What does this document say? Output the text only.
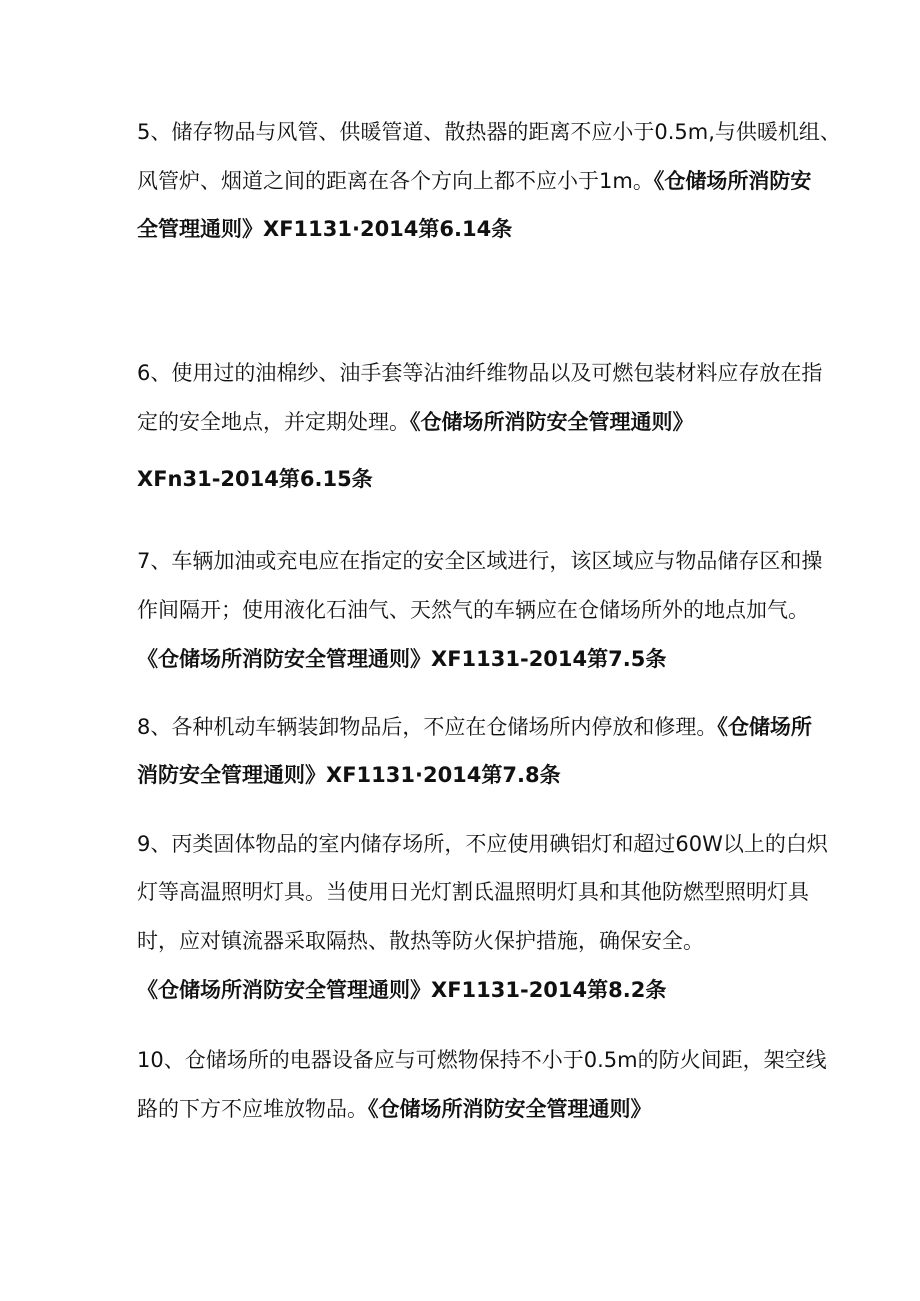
5、储存物品与风管、供暖管道、散热器的距离不应小于0.5m,与供暖机组、
风管炉、烟道之间的距离在各个方向上都不应小于1m。《仓储场所消防安
全管理通则》XF1131·2014第6.14条
6、使用过的油棉纱、油手套等沾油纤维物品以及可燃包装材料应存放在指
定的安全地点，并定期处理。《仓储场所消防安全管理通则》
XFn31-2014第6.15条
7、车辆加油或充电应在指定的安全区域进行，该区域应与物品储存区和操
作间隔开；使用液化石油气、天然气的车辆应在仓储场所外的地点加气。
《仓储场所消防安全管理通则》XF1131-2014第7.5条
8、各种机动车辆装卸物品后，不应在仓储场所内停放和修理。《仓储场所
消防安全管理通则》XF1131·2014第7.8条
9、丙类固体物品的室内储存场所，不应使用碘铝灯和超过60W以上的白炽
灯等高温照明灯具。当使用日光灯割氐温照明灯具和其他防燃型照明灯具
时，应对镇流器采取隔热、散热等防火保护措施，确保安全。
《仓储场所消防安全管理通则》XF1131-2014第8.2条
10、仓储场所的电器设备应与可燃物保持不小于0.5m的防火间距，架空线
路的下方不应堆放物品。《仓储场所消防安全管理通则》
